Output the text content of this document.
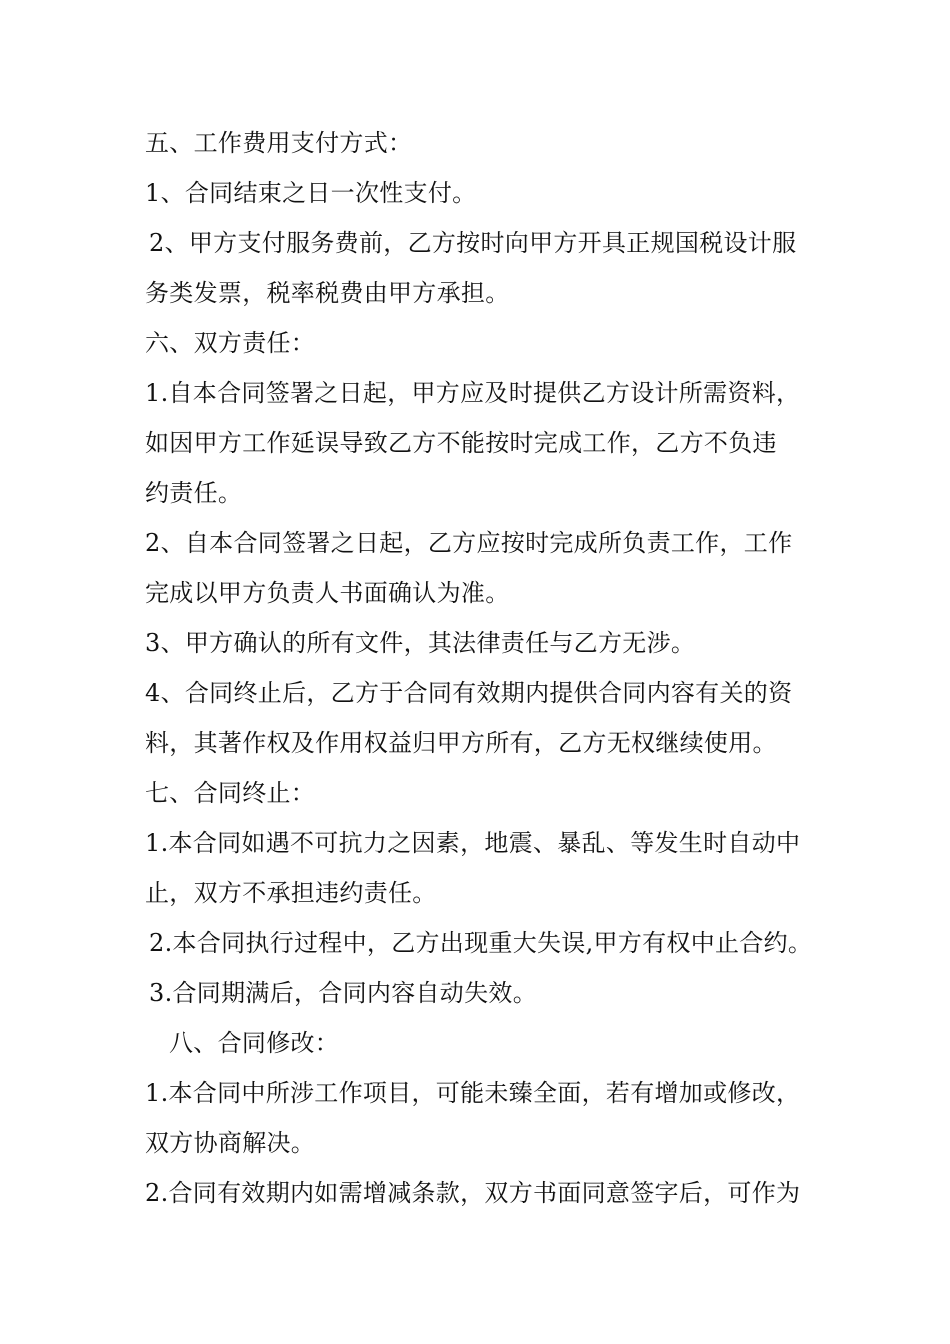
五、工作费用支付方式：
1、合同结束之日一次性支付。
2、甲方支付服务费前，乙方按时向甲方开具正规国税设计服
务类发票，税率税费由甲方承担。
六、双方责任：
1.自本合同签署之日起，甲方应及时提供乙方设计所需资料，
如因甲方工作延误导致乙方不能按时完成工作，乙方不负违
约责任。
2、自本合同签署之日起，乙方应按时完成所负责工作，工作
完成以甲方负责人书面确认为准。
3、甲方确认的所有文件，其法律责任与乙方无涉。
4、合同终止后，乙方于合同有效期内提供合同内容有关的资
料，其著作权及作用权益归甲方所有，乙方无权继续使用。
七、合同终止：
1.本合同如遇不可抗力之因素，地震、暴乱、等发生时自动中
止，双方不承担违约责任。
2.本合同执行过程中，乙方出现重大失误,甲方有权中止合约。
3.合同期满后，合同内容自动失效。
八、合同修改：
1.本合同中所涉工作项目，可能未臻全面，若有增加或修改，
双方协商解决。
2.合同有效期内如需增减条款，双方书面同意签字后，可作为
